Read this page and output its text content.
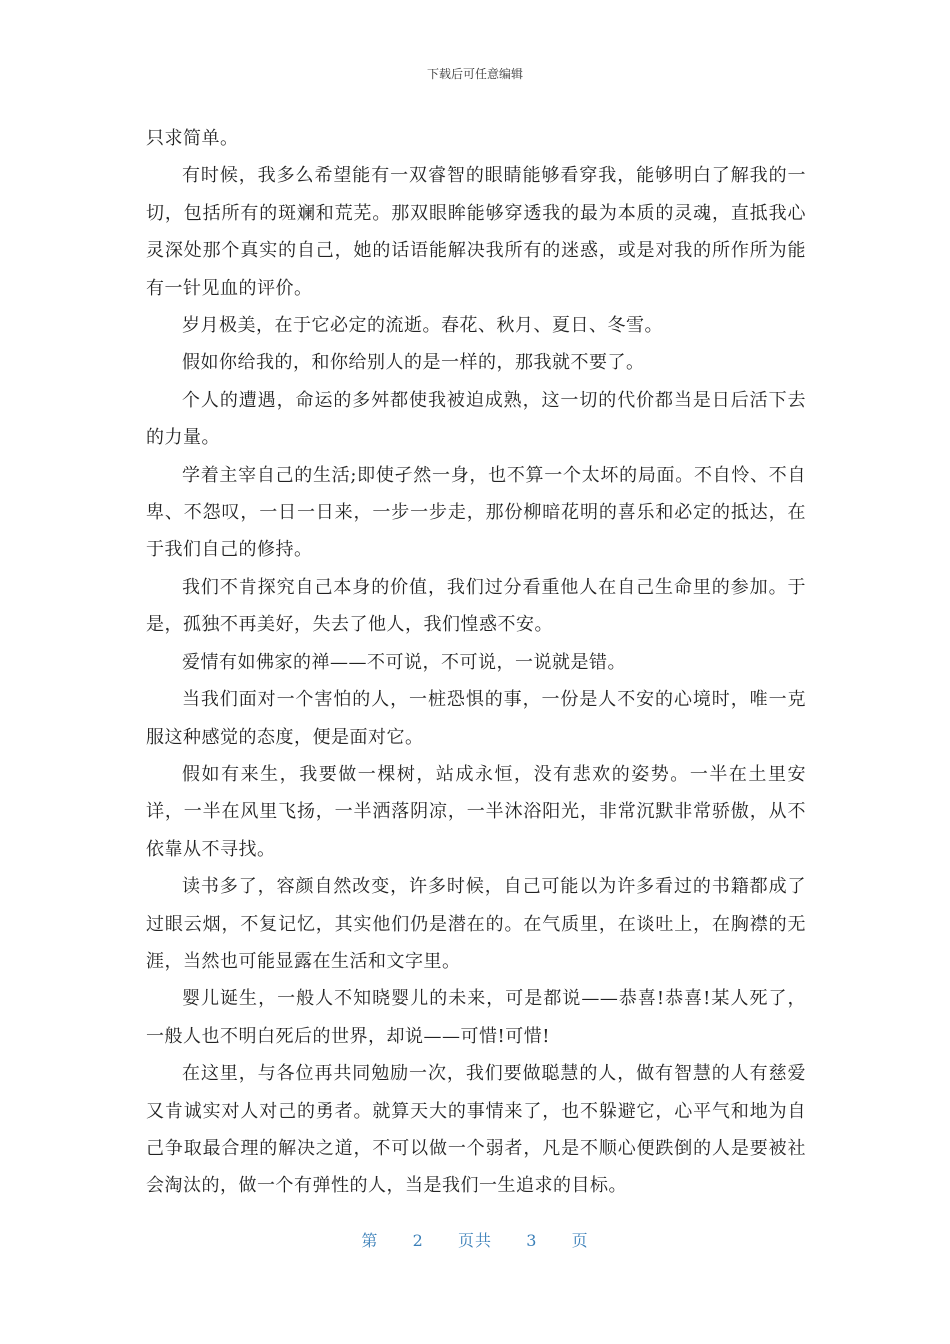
下载后可任意编辑

只求简单。

有时候，我多么希望能有一双睿智的眼睛能够看穿我，能够明白了解我的一切，包括所有的斑斓和荒芜。那双眼眸能够穿透我的最为本质的灵魂，直抵我心灵深处那个真实的自己，她的话语能解决我所有的迷惑，或是对我的所作所为能有一针见血的评价。

岁月极美，在于它必定的流逝。春花、秋月、夏日、冬雪。

假如你给我的，和你给别人的是一样的，那我就不要了。

个人的遭遇，命运的多舛都使我被迫成熟，这一切的代价都当是日后活下去的力量。

学着主宰自己的生活;即使孑然一身，也不算一个太坏的局面。不自怜、不自卑、不怨叹，一日一日来，一步一步走，那份柳暗花明的喜乐和必定的抵达，在于我们自己的修持。

我们不肯探究自己本身的价值，我们过分看重他人在自己生命里的参加。于是，孤独不再美好，失去了他人，我们惶惑不安。

爱情有如佛家的禅——不可说，不可说，一说就是错。

当我们面对一个害怕的人，一桩恐惧的事，一份是人不安的心境时，唯一克服这种感觉的态度，便是面对它。

假如有来生，我要做一棵树，站成永恒，没有悲欢的姿势。一半在土里安详，一半在风里飞扬，一半洒落阴凉，一半沐浴阳光，非常沉默非常骄傲，从不依靠从不寻找。

读书多了，容颜自然改变，许多时候，自己可能以为许多看过的书籍都成了过眼云烟，不复记忆，其实他们仍是潜在的。在气质里，在谈吐上，在胸襟的无涯，当然也可能显露在生活和文字里。

婴儿诞生，一般人不知晓婴儿的未来，可是都说——恭喜!恭喜!某人死了，一般人也不明白死后的世界，却说——可惜!可惜!

在这里，与各位再共同勉励一次，我们要做聪慧的人，做有智慧的人有慈爱又肯诚实对人对己的勇者。就算天大的事情来了，也不躲避它，心平气和地为自己争取最合理的解决之道，不可以做一个弱者，凡是不顺心便跌倒的人是要被社会淘汰的，做一个有弹性的人，当是我们一生追求的目标。

第 2 页共 3 页
